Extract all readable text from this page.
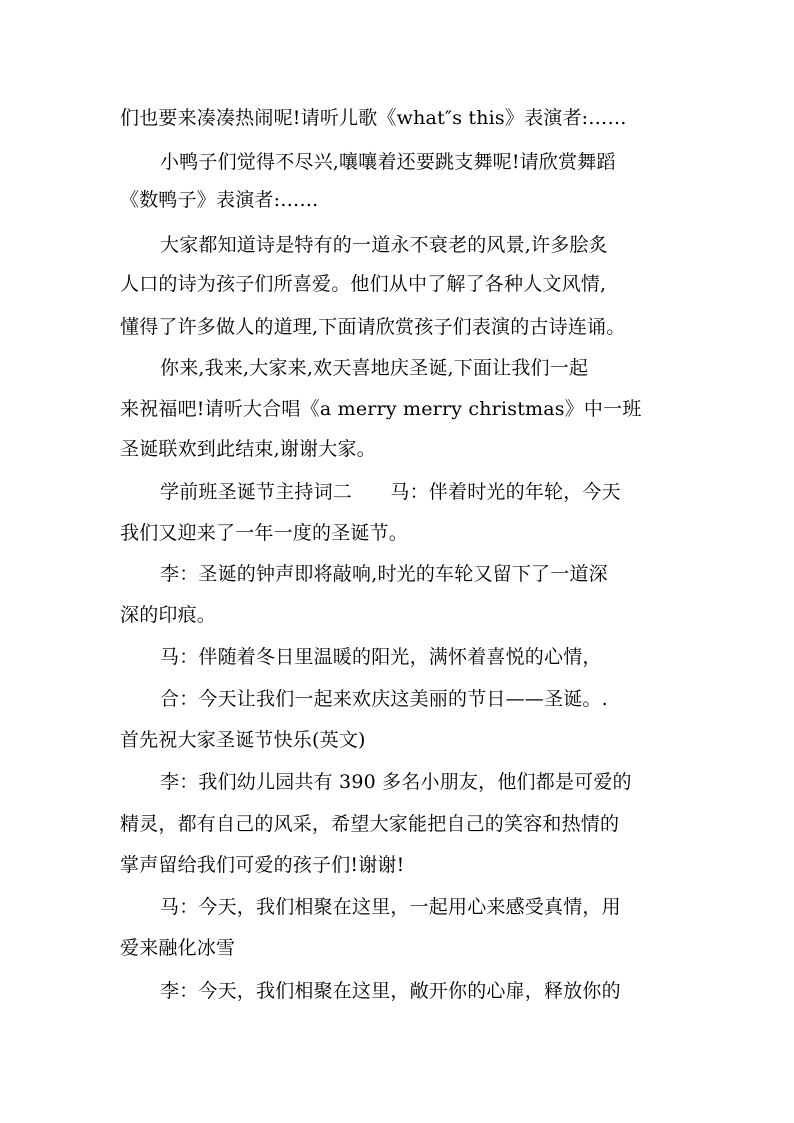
们也要来凑凑热闹呢!请听儿歌《what″s this》表演者:……
小鸭子们觉得不尽兴,嚷嚷着还要跳支舞呢!请欣赏舞蹈
《数鸭子》表演者:……
大家都知道诗是特有的一道永不衰老的风景,许多脍炙
人口的诗为孩子们所喜爱。他们从中了解了各种人文风情,
懂得了许多做人的道理,下面请欣赏孩子们表演的古诗连诵。
你来,我来,大家来,欢天喜地庆圣诞,下面让我们一起
来祝福吧!请听大合唱《a merry merry christmas》中一班
圣诞联欢到此结束,谢谢大家。
学前班圣诞节主持词二　　马：伴着时光的年轮，今天
我们又迎来了一年一度的圣诞节。
李：圣诞的钟声即将敲响,时光的车轮又留下了一道深
深的印痕。
马：伴随着冬日里温暖的阳光，满怀着喜悦的心情，
合：今天让我们一起来欢庆这美丽的节日——圣诞。.
首先祝大家圣诞节快乐(英文)
李：我们幼儿园共有 390 多名小朋友，他们都是可爱的
精灵，都有自己的风采，希望大家能把自己的笑容和热情的
掌声留给我们可爱的孩子们!谢谢!
马：今天，我们相聚在这里，一起用心来感受真情，用
爱来融化冰雪
李：今天，我们相聚在这里，敞开你的心扉，释放你的
